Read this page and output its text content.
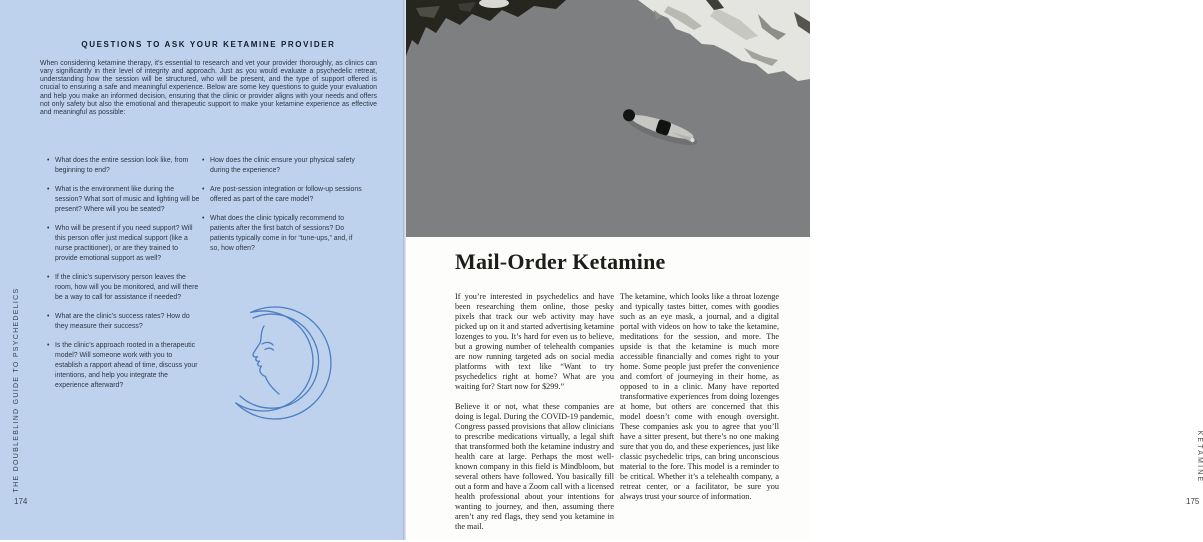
QUESTIONS TO ASK YOUR KETAMINE PROVIDER
When considering ketamine therapy, it’s essential to research and vet your provider thoroughly, as clinics can vary significantly in their level of integrity and approach. Just as you would evaluate a psychedelic retreat, understanding how the session will be structured, who will be present, and the type of support offered is crucial to ensuring a safe and meaningful experience. Below are some key questions to guide your evaluation and help you make an informed decision, ensuring that the clinic or provider aligns with your needs and offers not only safety but also the emotional and therapeutic support to make your ketamine experience as effective and meaningful as possible:
• What does the entire session look like, from beginning to end?
• What is the environment like during the session? What sort of music and lighting will be present? Where will you be seated?
• Who will be present if you need support? Will this person offer just medical support (like a nurse practitioner), or are they trained to provide emotional support as well?
• If the clinic’s supervisory person leaves the room, how will you be monitored, and will there be a way to call for assistance if needed?
• What are the clinic’s success rates? How do they measure their success?
• Is the clinic’s approach rooted in a therapeutic model? Will someone work with you to establish a rapport ahead of time, discuss your intentions, and help you integrate the experience afterward?
• How does the clinic ensure your physical safety during the experience?
• Are post-session integration or follow-up sessions offered as part of the care model?
• What does the clinic typically recommend to patients after the first batch of sessions? Do patients typically come in for “tune-ups,” and, if so, how often?
THE DOUBLEBLIND GUIDE TO PSYCHEDELICS
174
Mail-Order Ketamine

If you’re interested in psychedelics and have been researching them online, those pesky pixels that track our web activity may have picked up on it and started advertising ketamine lozenges to you. It’s hard for even us to believe, but a growing number of telehealth companies are now running targeted ads on social media platforms with text like “Want to try psychedelics right at home? What are you waiting for? Start now for $299.”

Believe it or not, what these companies are doing is legal. During the COVID-19 pandemic, Congress passed provisions that allow clinicians to prescribe medications virtually, a legal shift that transformed both the ketamine industry and health care at large. Perhaps the most well-known company in this field is Mindbloom, but several others have followed. You basically fill out a form and have a Zoom call with a licensed health professional about your intentions for wanting to journey, and then, assuming there aren’t any red flags, they send you ketamine in the mail.

The ketamine, which looks like a throat lozenge and typically tastes bitter, comes with goodies such as an eye mask, a journal, and a digital portal with videos on how to take the ketamine, meditations for the session, and more. The upside is that the ketamine is much more accessible financially and comes right to your home. Some people just prefer the convenience and comfort of journeying in their home, as opposed to in a clinic. Many have reported transformative experiences from doing lozenges at home, but others are concerned that this model doesn’t come with enough oversight. These companies ask you to agree that you’ll have a sitter present, but there’s no one making sure that you do, and these experiences, just like classic psychedelic trips, can bring unconscious material to the fore. This model is a reminder to be critical. Whether it’s a telehealth company, a retreat center, or a facilitator, be sure you always trust your source of information.

KETAMINE
175
